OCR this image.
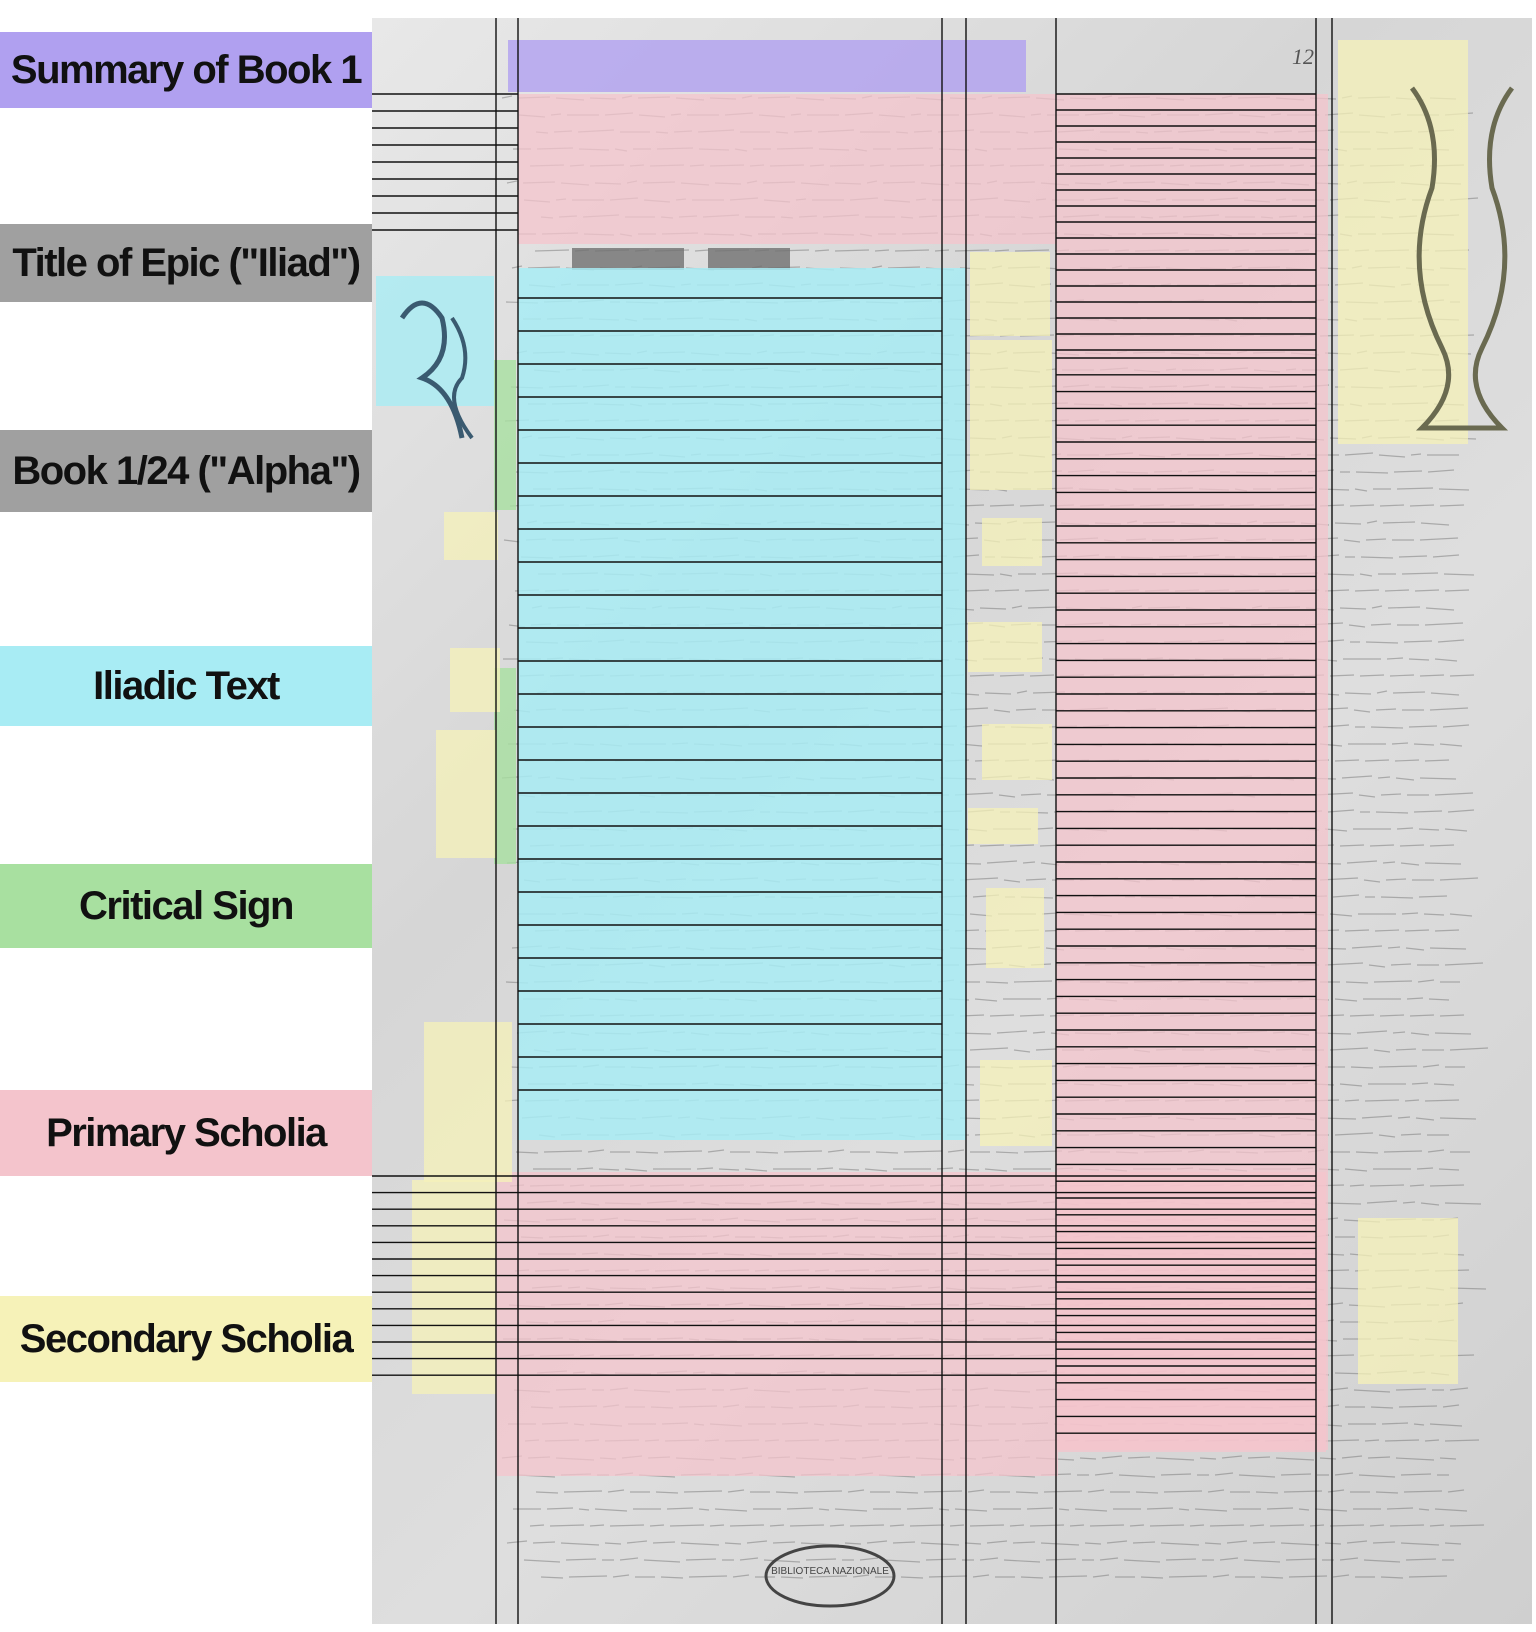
Summary of Book 1
Title of Epic ("Iliad")
Book 1/24 ("Alpha")
Iliadic Text
Critical Sign
Primary Scholia
Secondary Scholia
12
BIBLIOTECA NAZIONALE
